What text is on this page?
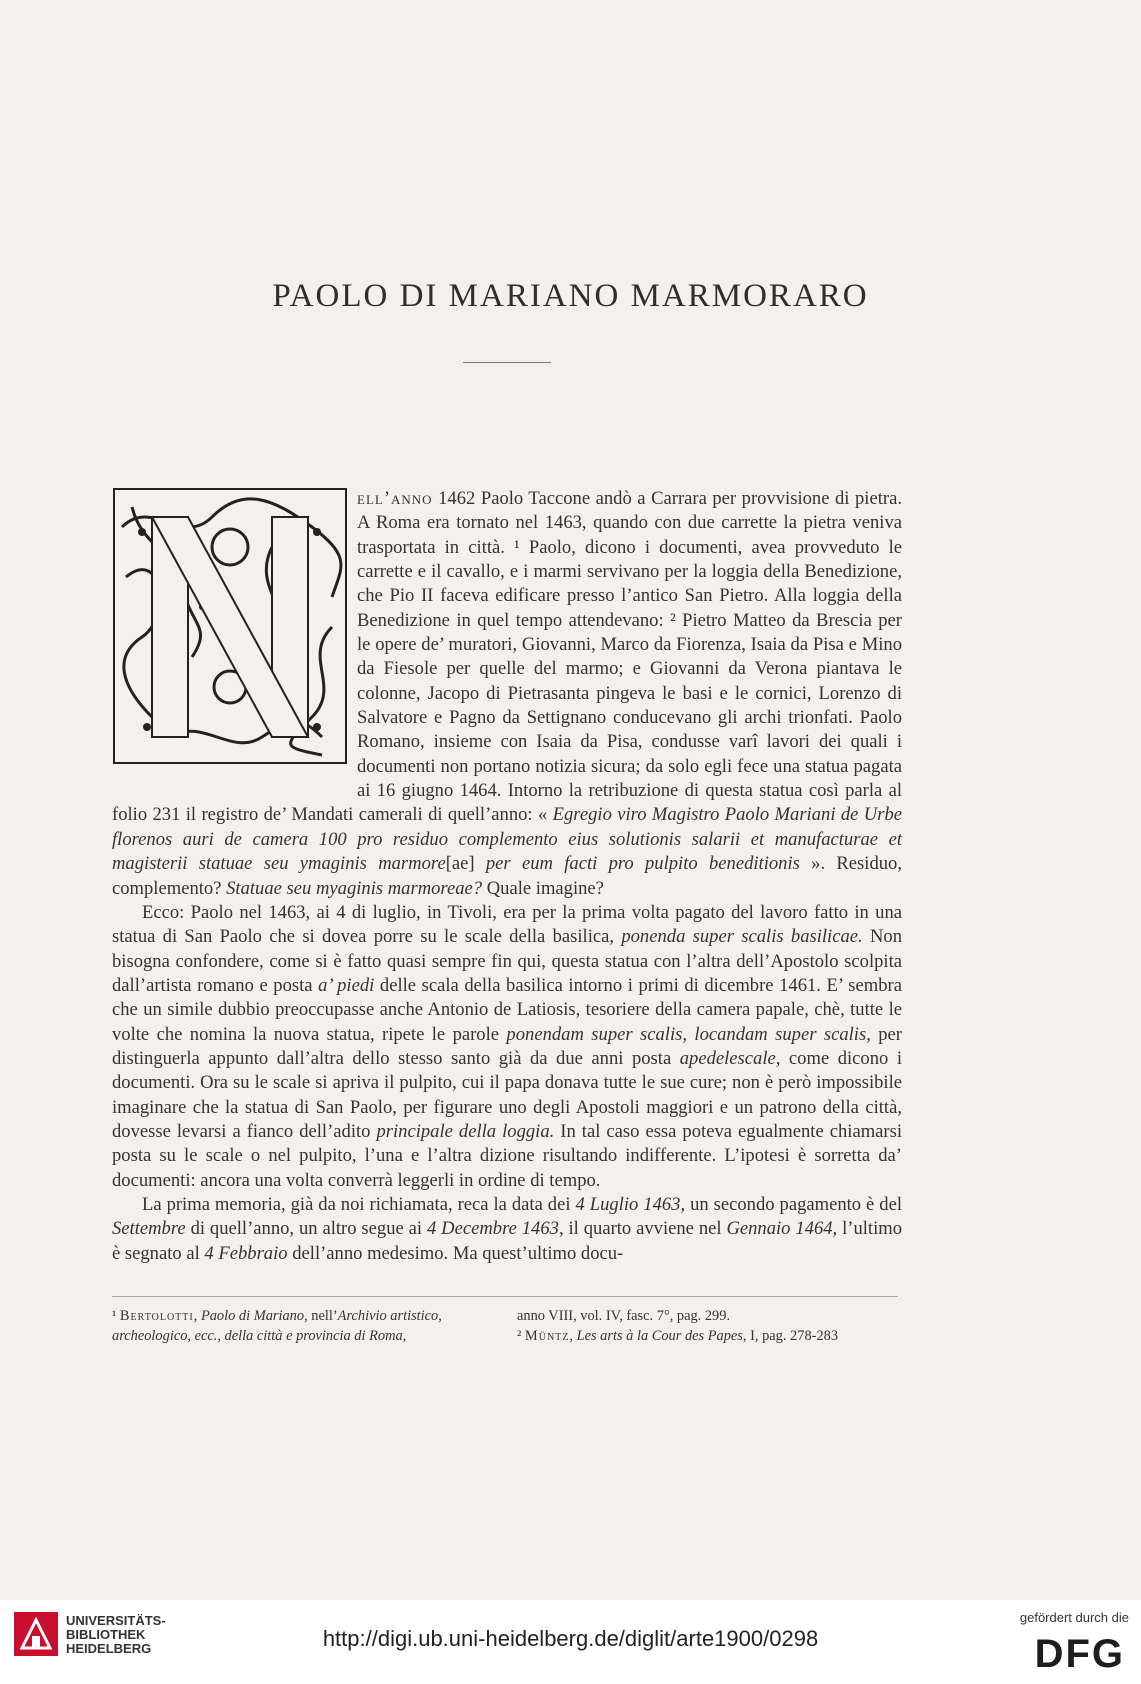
PAOLO DI MARIANO MARMORARO
N

ell’anno 1462 Paolo Taccone andò a Carrara per provvisione di pietra. A Roma era tornato nel 1463, quando con due carrette la pietra veniva trasportata in città. ¹ Paolo, dicono i documenti, avea provveduto le carrette e il cavallo, e i marmi servivano per la loggia della Benedizione, che Pio II faceva edificare presso l’antico San Pietro. Alla loggia della Benedizione in quel tempo attendevano: ² Pietro Matteo da Brescia per le opere de’ muratori, Giovanni, Marco da Fiorenza, Isaia da Pisa e Mino da Fiesole per quelle del marmo; e Giovanni da Verona piantava le colonne, Jacopo di Pietrasanta pingeva le basi e le cornici, Lorenzo di Salvatore e Pagno da Settignano conducevano gli archi trionfati. Paolo Romano, insieme con Isaia da Pisa, condusse varî lavori dei quali i documenti non portano notizia sicura; da solo egli fece una statua pagata ai 16 giugno 1464. Intorno la retribuzione di questa statua così parla al folio 231 il registro de’ Mandati camerali di quell’anno: « Egregio viro Magistro Paolo Mariani de Urbe florenos auri de camera 100 pro residuo complemento eius solutionis salarii et manufacturae et magisterii statuae seu ymaginis marmore[ae] per eum facti pro pulpito beneditionis ». Residuo, complemento? Statuae seu myaginis marmoreae? Quale imagine?

Ecco: Paolo nel 1463, ai 4 di luglio, in Tivoli, era per la prima volta pagato del lavoro fatto in una statua di San Paolo che si dovea porre su le scale della basilica, ponenda super scalis basilicae. Non bisogna confondere, come si è fatto quasi sempre fin qui, questa statua con l’altra dell’Apostolo scolpita dall’artista romano e posta a’ piedi delle scala della basilica intorno i primi di dicembre 1461. E’ sembra che un simile dubbio preoccupasse anche Antonio de Latiosis, tesoriere della camera papale, chè, tutte le volte che nomina la nuova statua, ripete le parole ponendam super scalis, locandam super scalis, per distinguerla appunto dall’altra dello stesso santo già da due anni posta apedelescale, come dicono i documenti. Ora su le scale si apriva il pulpito, cui il papa donava tutte le sue cure; non è però impossibile imaginare che la statua di San Paolo, per figurare uno degli Apostoli maggiori e un patrono della città, dovesse levarsi a fianco dell’adito principale della loggia. In tal caso essa poteva egualmente chiamarsi posta su le scale o nel pulpito, l’una e l’altra dizione risultando indifferente. L’ipotesi è sorretta da’ documenti: ancora una volta converrà leggerli in ordine di tempo.

La prima memoria, già da noi richiamata, reca la data dei 4 Luglio 1463, un secondo pagamento è del Settembre di quell’anno, un altro segue ai 4 Decembre 1463, il quarto avviene nel Gennaio 1464, l’ultimo è segnato al 4 Febbraio dell’anno medesimo. Ma quest’ultimo docu-

¹ Bertolotti, Paolo di Mariano, nell’Archivio artistico, archeologico, ecc., della città e provincia di Roma,
anno VIII, vol. IV, fasc. 7°, pag. 299.
² Müntz, Les arts à la Cour des Papes, I, pag. 278-283
UNIVERSITÄTS-
BIBLIOTHEK
HEIDELBERG	http://digi.ub.uni-heidelberg.de/diglit/arte1900/0298
gefördert durch die
DFG
